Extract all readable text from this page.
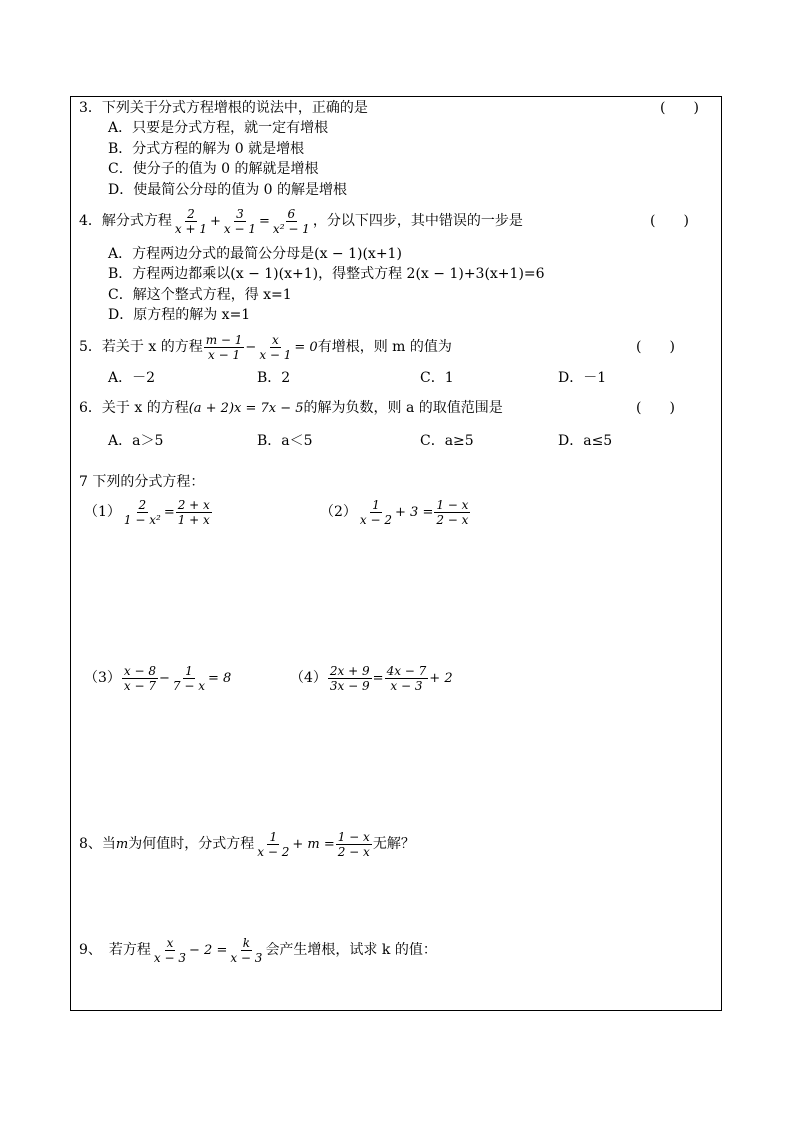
3．下列关于分式方程增根的说法中，正确的是	(　　)
A．只要是分式方程，就一定有增根
B．分式方程的解为 0 就是增根
C．使分子的值为 0 的解就是增根
D．使最简公分母的值为 0 的解是增根
4．解分式方程 $\frac{2}{x + 1} + \frac{3}{x - 1} = \frac{6}{\text{x² − 1}}$ ，分以下四步，其中错误的一步是	(　　)
A．方程两边分式的最简公分母是(x − 1)(x+1)
B．方程两边都乘以(x − 1)(x+1)，得整式方程 2(x − 1)+3(x+1)=6
C．解这个整式方程，得 x=1
D．原方程的解为 x=1
5．若关于 x 的方程 $\frac{m - 1}{x - 1} - \frac{x}{x - 1} = 0$有增根，则 m 的值为	(　　)
A．－2	B．2	C．1	D．－1
6．关于 x 的方程(a + 2)x = 7x − 5的解为负数，则 a 的取值范围是	(　　)
A．a＞5	B．a＜5	C．a≥5	D．a≤5
7 下列的分式方程：
$(1) \frac{2}{\text{1 − x²}} = \frac{2 + x}{1 + x}$	$(2) \frac{1}{x - 2} + 3 = \frac{1 - x}{2 - x}$
$(3) \frac{x - 8}{x - 7} - \frac{1}{7 - x} = 8$	$(4) \frac{2x + 9}{3x - 9} = \frac{4x - 7}{x - 3} + 2$
8、当m为何值时，分式方程 $\frac{1}{x - 2} + m = \frac{1 - x}{2 - x}$ 无解？
9、　若方程 $\frac{x}{x - 3} - 2 = \frac{k}{x - 3}$ 会产生增根，试求 k 的值：
